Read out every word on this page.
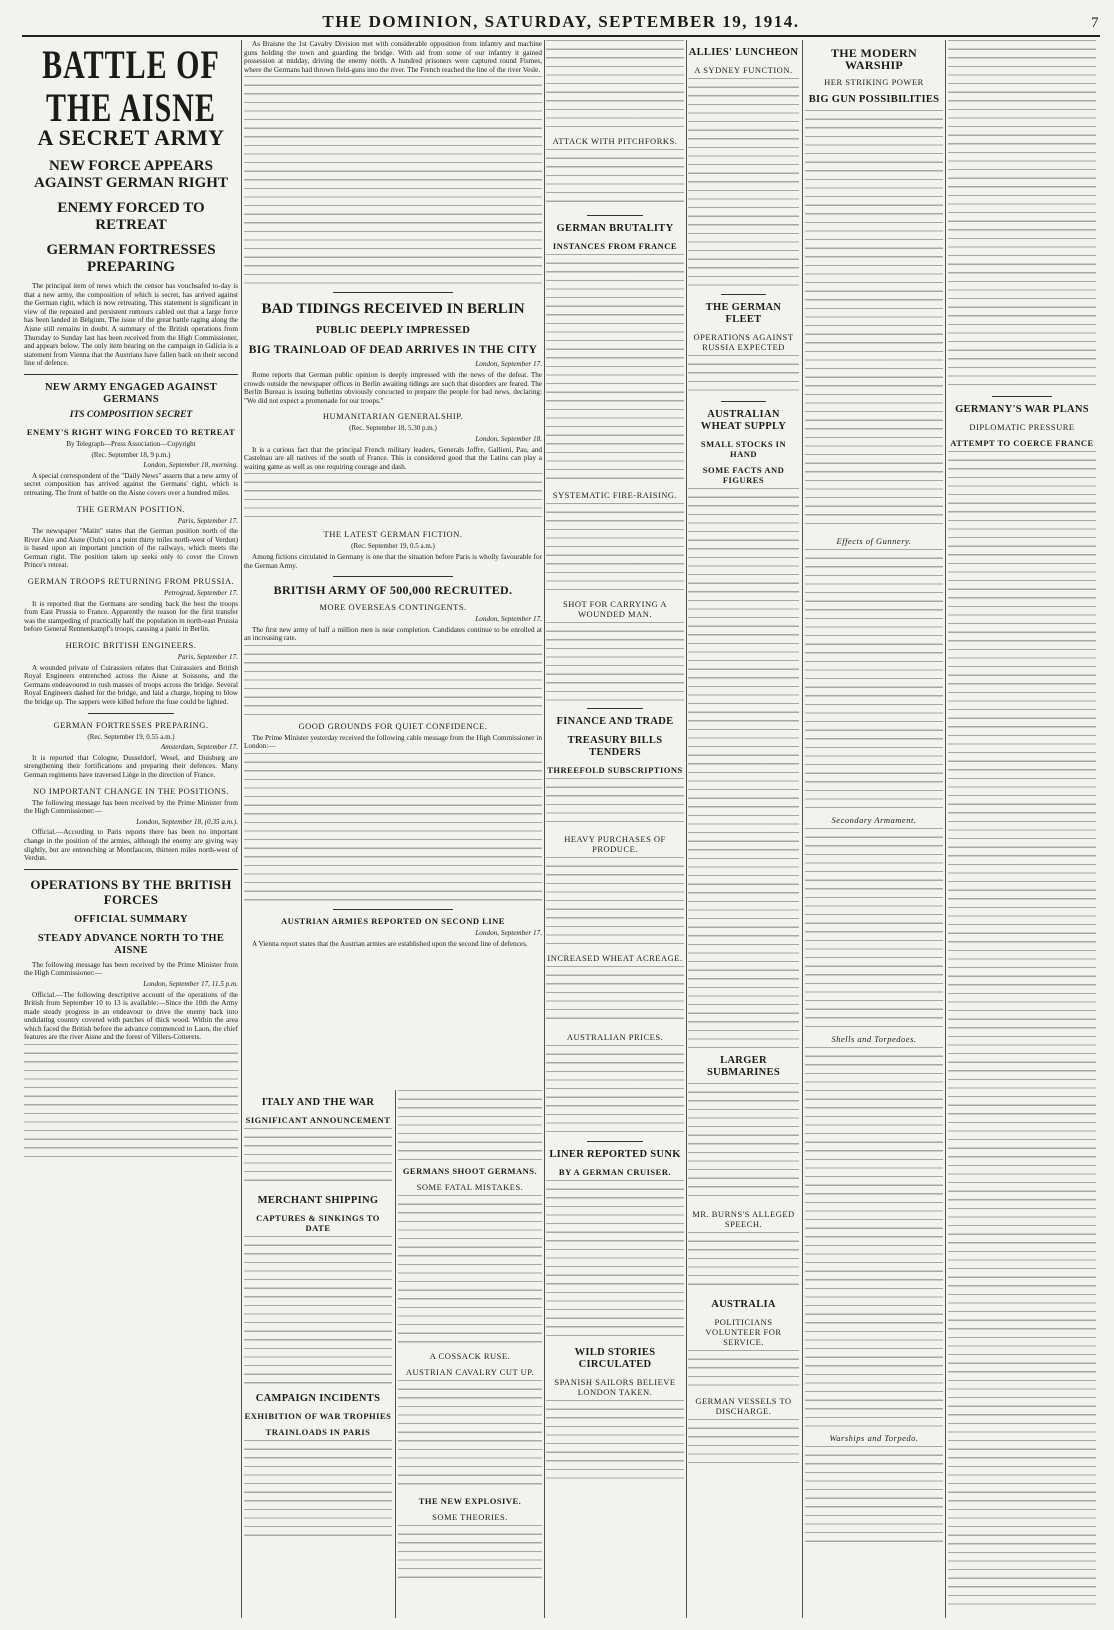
THE DOMINION, SATURDAY, SEPTEMBER 19, 1914.	7
BATTLE OF THE AISNE
A SECRET ARMY
NEW FORCE APPEARS AGAINST GERMAN RIGHT
ENEMY FORCED TO RETREAT
GERMAN FORTRESSES PREPARING

The principal item of news which the censor has vouchsafed to-day is that a new army, the composition of which is secret, has arrived against the German right, which is now retreating. This statement is significant in view of the repeated and persistent rumours cabled out that a large force has been landed in Belgium. The issue of the great battle raging along the Aisne still remains in doubt. A summary of the British operations from Thursday to Sunday last has been received from the High Commissioner, and appears below. The only item bearing on the campaign in Galicia is a statement from Vienna that the Austrians have fallen back on their second line of defence.

NEW ARMY ENGAGED AGAINST GERMANS
ITS COMPOSITION SECRET
ENEMY'S RIGHT WING FORCED TO RETREAT
By Telegraph—Press Association—Copyright
(Rec. September 18, 9 p.m.)
London, September 18, morning.

A special correspondent of the "Daily News" asserts that a new army of secret composition has arrived against the Germans' right, which is retreating. The front of battle on the Aisne covers over a hundred miles.

THE GERMAN POSITION.
Paris, September 17.

The newspaper "Matin" states that the German position north of the River Aire and Aisne (Oulx) on a point thirty miles north-west of Verdun) is based upon an important junction of the railways, which meets the German right. The position taken up seeks only to cover the Crown Prince's retreat.

GERMAN TROOPS RETURNING FROM PRUSSIA.
Petrograd, September 17.

It is reported that the Germans are sending back the best the troops from East Prussia to France. Apparently the reason for the first transfer was the stampeding of practically half the population in north-east Prussia before General Rennenkampf's troops, causing a panic in Berlin.

HEROIC BRITISH ENGINEERS.
Paris, September 17.

A wounded private of Cuirassiers relates that Cuirassiers and British Royal Engineers entrenched across the Aisne at Soissons, and the Germans endeavoured to rush masses of troops across the bridge. Several Royal Engineers dashed for the bridge, and laid a charge, hoping to blow the bridge up. The sappers were killed before the fuse could be lighted.

GERMAN FORTRESSES PREPARING.
(Rec. September 19, 0.55 a.m.)
Amsterdam, September 17.

It is reported that Cologne, Dusseldorf, Wesel, and Duisburg are strengthening their fortifications and preparing their defences. Many German regiments have traversed Liège in the direction of France.

NO IMPORTANT CHANGE IN THE POSITIONS.

The following message has been received by the Prime Minister from the High Commissioner:—

London, September 18, (0.35 a.m.).

Official.—According to Paris reports there has been no important change in the position of the armies, although the enemy are giving way slightly, but are entrenching at Montfaucon, thirteen miles north-west of Verdun.

OPERATIONS BY THE BRITISH FORCES
OFFICIAL SUMMARY
STEADY ADVANCE NORTH TO THE AISNE

The following message has been received by the Prime Minister from the High Commissioner:—

London, September 17, 11.5 p.m.

Official.—The following descriptive account of the operations of the British from September 10 to 13 is available:—Since the 10th the Army made steady progress in an endeavour to drive the enemy back into undulating country covered with patches of thick wood. Within the area which faced the British before the advance commenced to Laon, the chief features are the river Aisne and the forest of Villers-Cotterets.

As Braisne the 1st Cavalry Division met with considerable opposition from infantry and machine guns holding the town and guarding the bridge. With aid from some of our infantry it gained possession at midday, driving the enemy north. A hundred prisoners were captured round Fismes, where the Germans had thrown field-guns into the river. The French reached the line of the river Vesle.

BAD TIDINGS RECEIVED IN BERLIN
PUBLIC DEEPLY IMPRESSED
BIG TRAINLOAD OF DEAD ARRIVES IN THE CITY
London, September 17.

Rome reports that German public opinion is deeply impressed with the news of the defeat. The crowds outside the newspaper offices in Berlin awaiting tidings are such that disorders are feared. The Berlin Bureau is issuing bulletins obviously concocted to prepare the people for bad news, declaring: "We did not expect a promenade for our troops."

HUMANITARIAN GENERALSHIP.
(Rec. September 18, 5.30 p.m.)
London, September 18.

It is a curious fact that the principal French military leaders, Generals Joffre, Gallieni, Pau, and Castelnau are all natives of the south of France. This is considered good that the Latins can play a waiting game as well as one requiring courage and dash.

THE LATEST GERMAN FICTION.
(Rec. September 19, 0.5 a.m.)

Among fictions circulated in Germany is one that the situation before Paris is wholly favourable for the German Army.

BRITISH ARMY OF 500,000 RECRUITED.
MORE OVERSEAS CONTINGENTS.
London, September 17.

The first new army of half a million men is near completion. Candidates continue to be enrolled at an increasing rate.

GOOD GROUNDS FOR QUIET CONFIDENCE.

The Prime Minister yesterday received the following cable message from the High Commissioner in London:—

AUSTRIAN ARMIES REPORTED ON SECOND LINE
London, September 17.

A Vienna report states that the Austrian armies are established upon the second line of defences.

ITALY AND THE WAR
SIGNIFICANT ANNOUNCEMENT
MERCHANT SHIPPING
CAPTURES & SINKINGS TO DATE
CAMPAIGN INCIDENTS
EXHIBITION OF WAR TROPHIES
TRAINLOADS IN PARIS
GERMANS SHOOT GERMANS.
SOME FATAL MISTAKES.
A COSSACK RUSE.
AUSTRIAN CAVALRY CUT UP.
THE NEW EXPLOSIVE.
SOME THEORIES.
ATTACK WITH PITCHFORKS.
GERMAN BRUTALITY
INSTANCES FROM FRANCE
SYSTEMATIC FIRE-RAISING.
SHOT FOR CARRYING A WOUNDED MAN.
FINANCE AND TRADE
TREASURY BILLS TENDERS
THREEFOLD SUBSCRIPTIONS
HEAVY PURCHASES OF PRODUCE.
INCREASED WHEAT ACREAGE.
AUSTRALIAN PRICES.
LINER REPORTED SUNK
BY A GERMAN CRUISER.
WILD STORIES CIRCULATED
SPANISH SAILORS BELIEVE LONDON TAKEN.
ALLIES' LUNCHEON
A SYDNEY FUNCTION.
THE GERMAN FLEET
OPERATIONS AGAINST RUSSIA EXPECTED
AUSTRALIAN WHEAT SUPPLY
SMALL STOCKS IN HAND
SOME FACTS AND FIGURES
LARGER SUBMARINES
MR. BURNS'S ALLEGED SPEECH.
AUSTRALIA
POLITICIANS VOLUNTEER FOR SERVICE.
GERMAN VESSELS TO DISCHARGE.
THE MODERN WARSHIP
HER STRIKING POWER
BIG GUN POSSIBILITIES
Effects of Gunnery.
Secondary Armament.
Shells and Torpedoes.
Warships and Torpedo.
GERMANY'S WAR PLANS
DIPLOMATIC PRESSURE
ATTEMPT TO COERCE FRANCE
